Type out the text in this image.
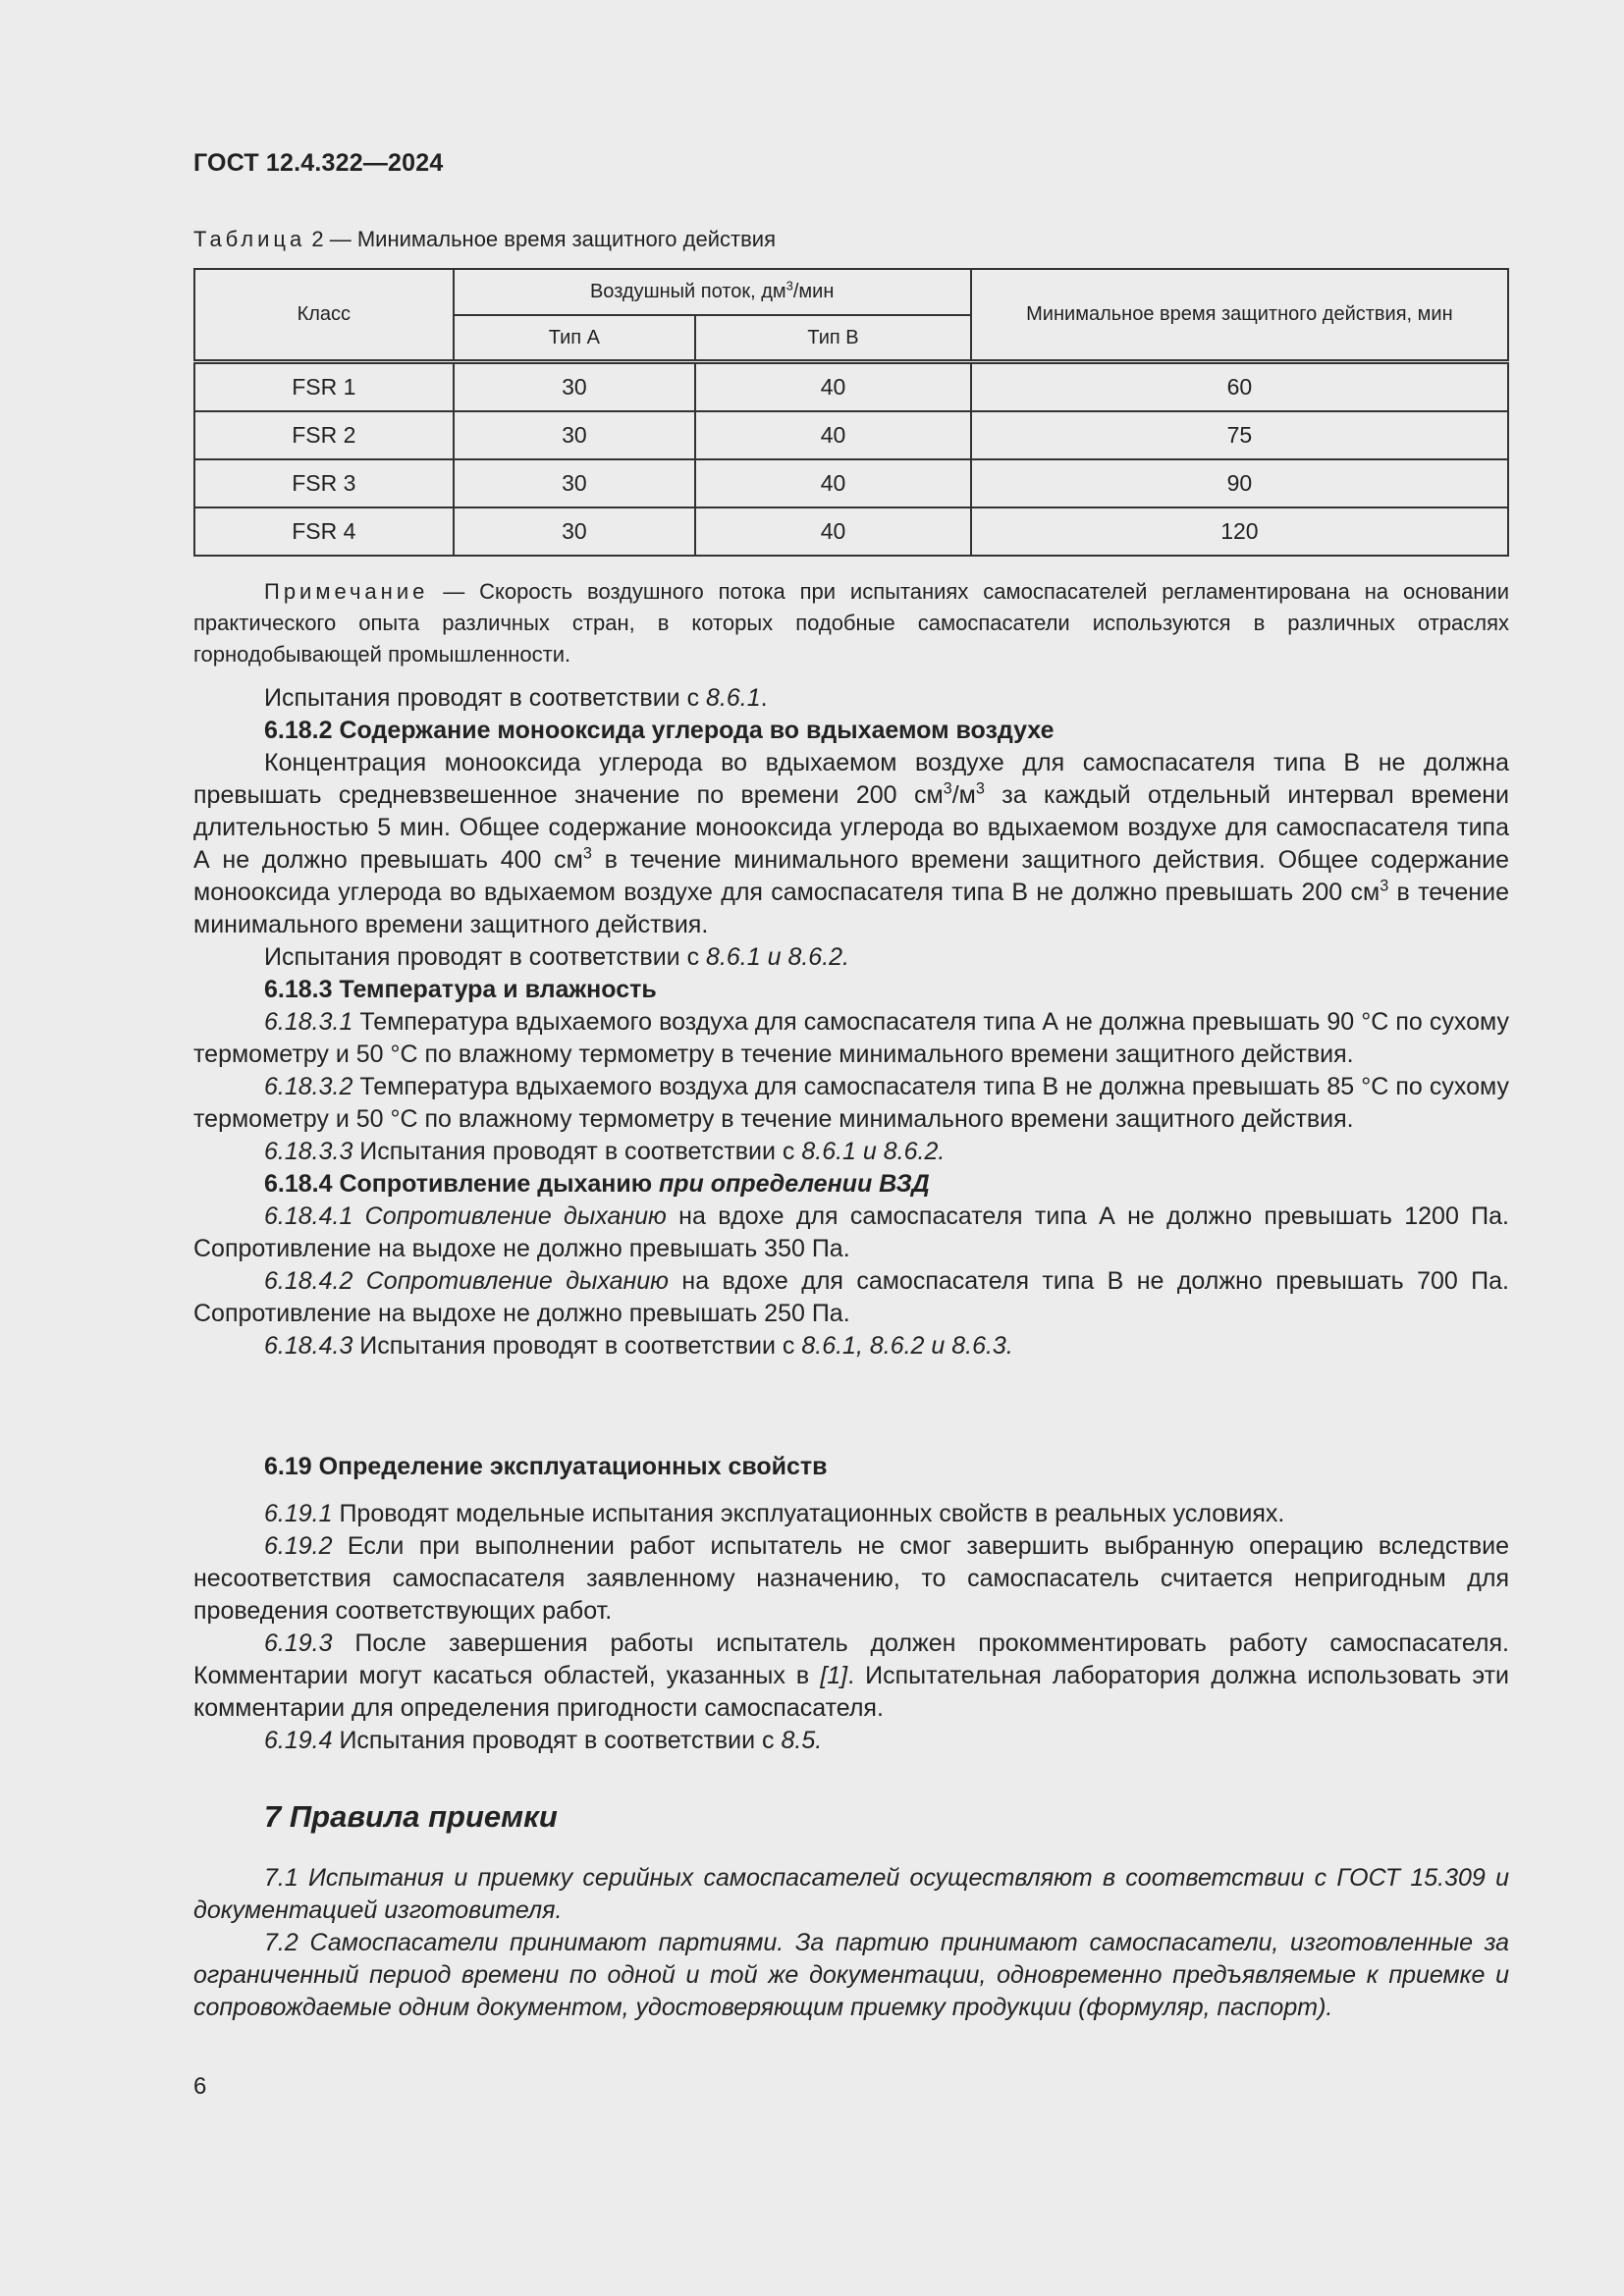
ГОСТ 12.4.322—2024
Таблица 2 — Минимальное время защитного действия
Класс	Воздушный поток, $дм^3$/мин		Минимальное время защитного действия, мин
	Тип A	Тип B	
FSR 1	30	40	60
FSR 2	30	40	75
FSR 3	30	40	90
FSR 4	30	40	120
Примечание — Скорость воздушного потока при испытаниях самоспасателей регламентирована на основании практического опыта различных стран, в которых подобные самоспасатели используются в различных отраслях горнодобывающей промышленности.
Испытания проводят в соответствии с 8.6.1.
6.18.2 Содержание монооксида углерода во вдыхаемом воздухе
Концентрация монооксида углерода во вдыхаемом воздухе для самоспасателя типа В не должна превышать средневзвешенное значение по времени 200 $см^3/м^3$ за каждый отдельный интервал времени длительностью 5 мин. Общее содержание монооксида углерода во вдыхаемом воздухе для самоспасателя типа А не должно превышать 400 $см^3$ в течение минимального времени защитного действия. Общее содержание монооксида углерода во вдыхаемом воздухе для самоспасателя типа В не должно превышать 200 $см^3$ в течение минимального времени защитного действия.
Испытания проводят в соответствии с 8.6.1 и 8.6.2.
6.18.3 Температура и влажность
6.18.3.1 Температура вдыхаемого воздуха для самоспасателя типа А не должна превышать 90 °С по сухому термометру и 50 °С по влажному термометру в течение минимального времени защитного действия.
6.18.3.2 Температура вдыхаемого воздуха для самоспасателя типа В не должна превышать 85 °С по сухому термометру и 50 °С по влажному термометру в течение минимального времени защитного действия.
6.18.3.3 Испытания проводят в соответствии с 8.6.1 и 8.6.2.
6.18.4 Сопротивление дыханию при определении ВЗД
6.18.4.1 Сопротивление дыханию на вдохе для самоспасателя типа А не должно превышать 1200 Па. Сопротивление на выдохе не должно превышать 350 Па.
6.18.4.2 Сопротивление дыханию на вдохе для самоспасателя типа В не должно превышать 700 Па. Сопротивление на выдохе не должно превышать 250 Па.
6.18.4.3 Испытания проводят в соответствии с 8.6.1, 8.6.2 и 8.6.3.
6.19 Определение эксплуатационных свойств
6.19.1 Проводят модельные испытания эксплуатационных свойств в реальных условиях.
6.19.2 Если при выполнении работ испытатель не смог завершить выбранную операцию вследствие несоответствия самоспасателя заявленному назначению, то самоспасатель считается непригодным для проведения соответствующих работ.
6.19.3 После завершения работы испытатель должен прокомментировать работу самоспасателя. Комментарии могут касаться областей, указанных в [1]. Испытательная лаборатория должна использовать эти комментарии для определения пригодности самоспасателя.
6.19.4 Испытания проводят в соответствии с 8.5.
7 Правила приемки
7.1 Испытания и приемку серийных самоспасателей осуществляют в соответствии с ГОСТ 15.309 и документацией изготовителя.
7.2 Самоспасатели принимают партиями. За партию принимают самоспасатели, изготовленные за ограниченный период времени по одной и той же документации, одновременно предъявляемые к приемке и сопровождаемые одним документом, удостоверяющим приемку продукции (формуляр, паспорт).
6
